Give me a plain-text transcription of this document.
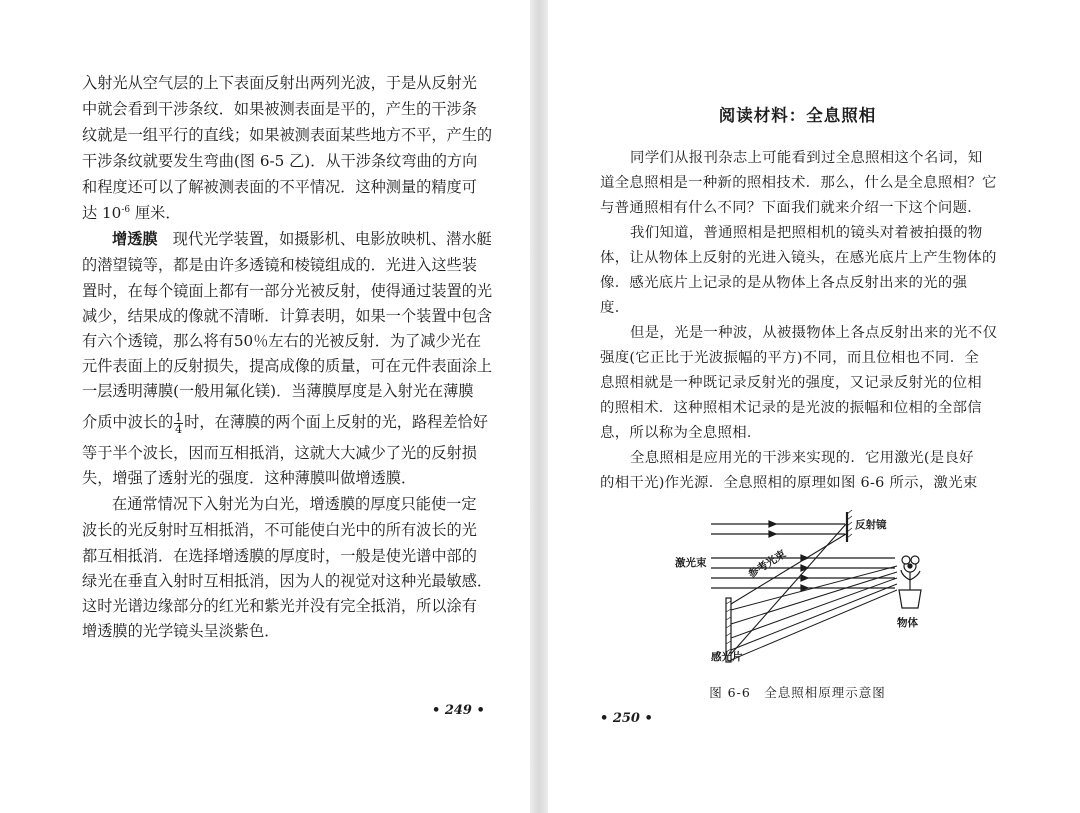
入射光从空气层的上下表面反射出两列光波，于是从反射光
中就会看到干涉条纹．如果被测表面是平的，产生的干涉条
纹就是一组平行的直线；如果被测表面某些地方不平，产生的
干涉条纹就要发生弯曲(图 6-5 乙)．从干涉条纹弯曲的方向
和程度还可以了解被测表面的不平情况．这种测量的精度可
达 $10^{-6}$ 厘米．
增透膜　 现代光学装置，如摄影机、电影放映机、潜水艇
的潜望镜等，都是由许多透镜和棱镜组成的．光进入这些装
置时，在每个镜面上都有一部分光被反射，使得通过装置的光
减少，结果成的像就不清晰．计算表明，如果一个装置中包含
有六个透镜，那么将有50％左右的光被反射．为了减少光在
元件表面上的反射损失，提高成像的质量，可在元件表面涂上
一层透明薄膜(一般用氟化镁)．当薄膜厚度是入射光在薄膜
介质中波长的 $\frac{1}{4}$ 时，在薄膜的两个面上反射的光，路程差恰好
等于半个波长，因而互相抵消，这就大大减少了光的反射损
失，增强了透射光的强度．这种薄膜叫做增透膜．
在通常情况下入射光为白光，增透膜的厚度只能使一定
波长的光反射时互相抵消，不可能使白光中的所有波长的光
都互相抵消．在选择增透膜的厚度时，一般是使光谱中部的
绿光在垂直入射时互相抵消，因为人的视觉对这种光最敏感．
这时光谱边缘部分的红光和紫光并没有完全抵消，所以涂有
增透膜的光学镜头呈淡紫色．
• 249 •
阅读材料：全息照相
同学们从报刊杂志上可能看到过全息照相这个名词，知
道全息照相是一种新的照相技术．那么，什么是全息照相？它
与普通照相有什么不同？下面我们就来介绍一下这个问题．
我们知道，普通照相是把照相机的镜头对着被拍摄的物
体，让从物体上反射的光进入镜头，在感光底片上产生物体的
像．感光底片上记录的是从物体上各点反射出来的光的强
度．
但是，光是一种波，从被摄物体上各点反射出来的光不仅
强度(它正比于光波振幅的平方)不同，而且位相也不同．全
息照相就是一种既记录反射光的强度，又记录反射光的位相
的照相术．这种照相术记录的是光波的振幅和位相的全部信
息，所以称为全息照相．
全息照相是应用光的干涉来实现的．它用激光(是良好
的相干光)作光源．全息照相的原理如图 6-6 所示，激光束
反射镜
激光束	参考光束
物体
感光片
图 6-6　全息照相原理示意图
• 250 •
